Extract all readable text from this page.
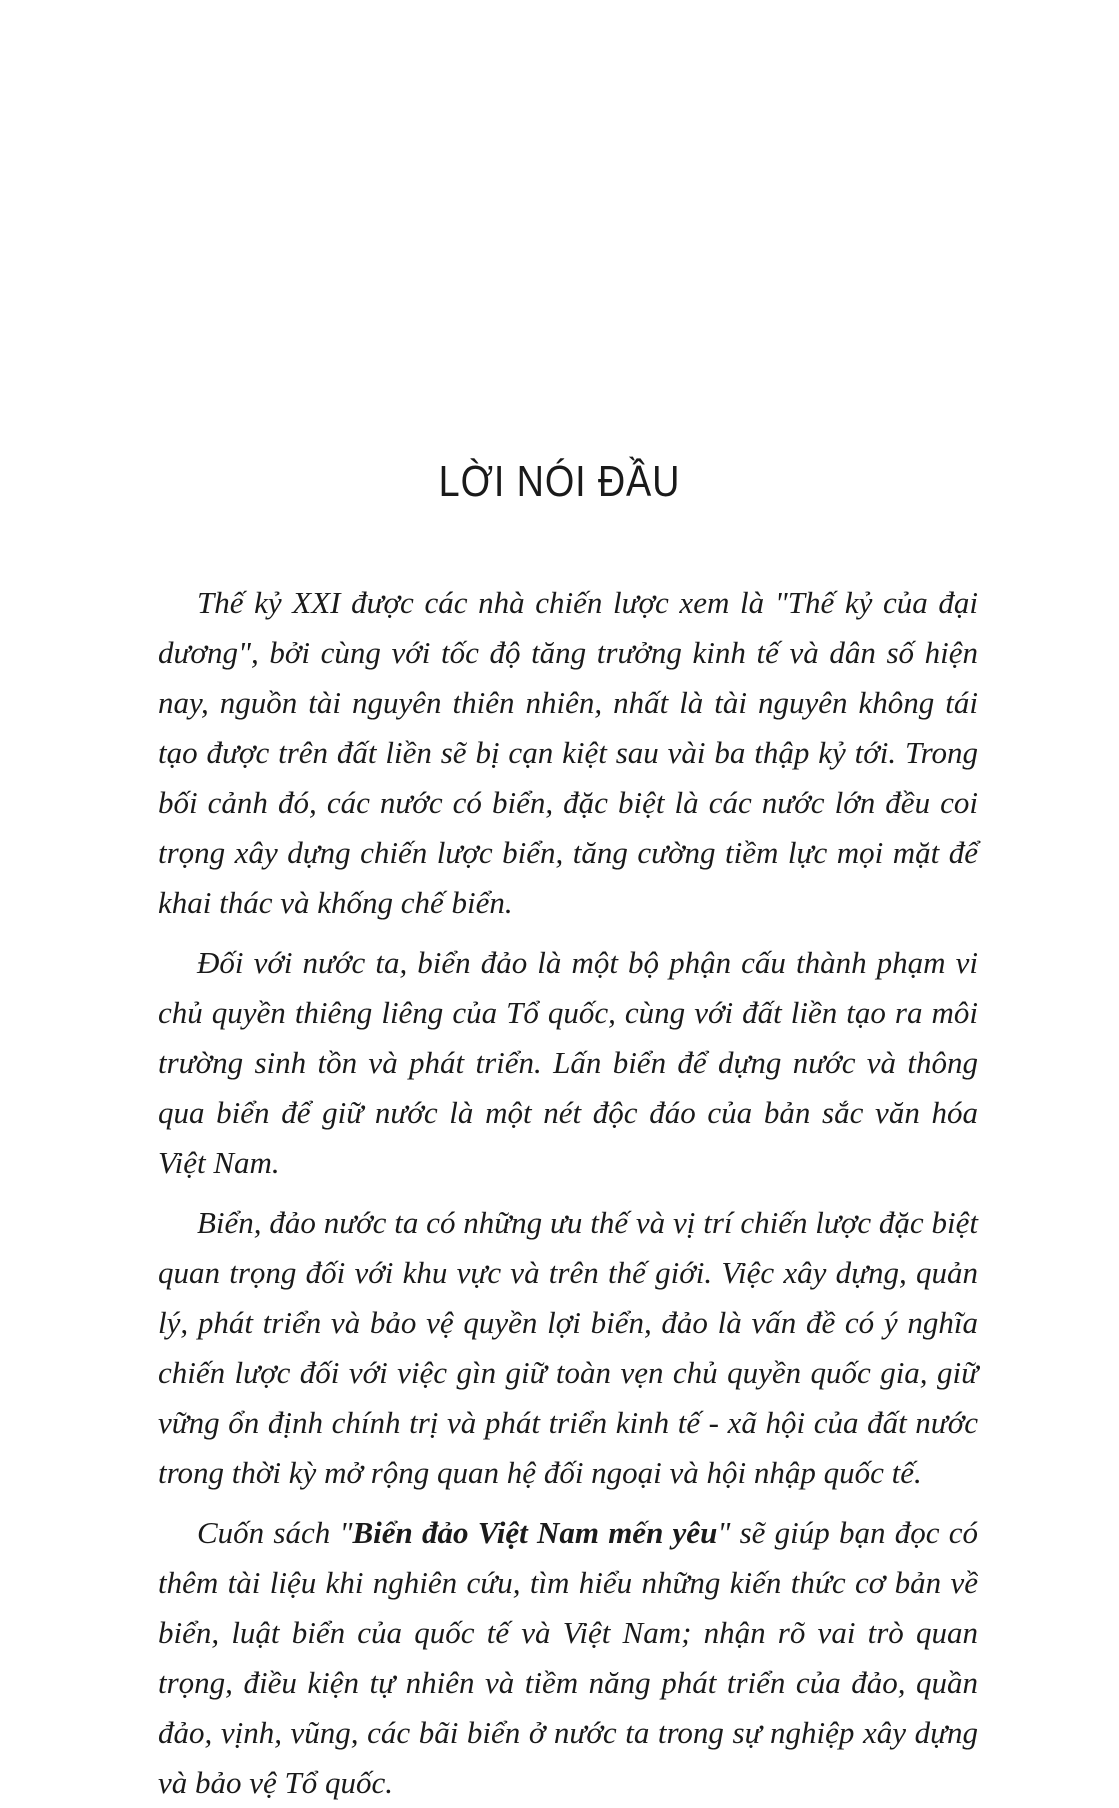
LỜI NÓI ĐẦU

Thế kỷ XXI được các nhà chiến lược xem là "Thế kỷ của đại dương", bởi cùng với tốc độ tăng trưởng kinh tế và dân số hiện nay, nguồn tài nguyên thiên nhiên, nhất là tài nguyên không tái tạo được trên đất liền sẽ bị cạn kiệt sau vài ba thập kỷ tới. Trong bối cảnh đó, các nước có biển, đặc biệt là các nước lớn đều coi trọng xây dựng chiến lược biển, tăng cường tiềm lực mọi mặt để khai thác và khống chế biển.

Đối với nước ta, biển đảo là một bộ phận cấu thành phạm vi chủ quyền thiêng liêng của Tổ quốc, cùng với đất liền tạo ra môi trường sinh tồn và phát triển. Lấn biển để dựng nước và thông qua biển để giữ nước là một nét độc đáo của bản sắc văn hóa Việt Nam.

Biển, đảo nước ta có những ưu thế và vị trí chiến lược đặc biệt quan trọng đối với khu vực và trên thế giới. Việc xây dựng, quản lý, phát triển và bảo vệ quyền lợi biển, đảo là vấn đề có ý nghĩa chiến lược đối với việc gìn giữ toàn vẹn chủ quyền quốc gia, giữ vững ổn định chính trị và phát triển kinh tế - xã hội của đất nước trong thời kỳ mở rộng quan hệ đối ngoại và hội nhập quốc tế.

Cuốn sách "Biển đảo Việt Nam mến yêu" sẽ giúp bạn đọc có thêm tài liệu khi nghiên cứu, tìm hiểu những kiến thức cơ bản về biển, luật biển của quốc tế và Việt Nam; nhận rõ vai trò quan trọng, điều kiện tự nhiên và tiềm năng phát triển của đảo, quần đảo, vịnh, vũng, các bãi biển ở nước ta trong sự nghiệp xây dựng và bảo vệ Tổ quốc.
